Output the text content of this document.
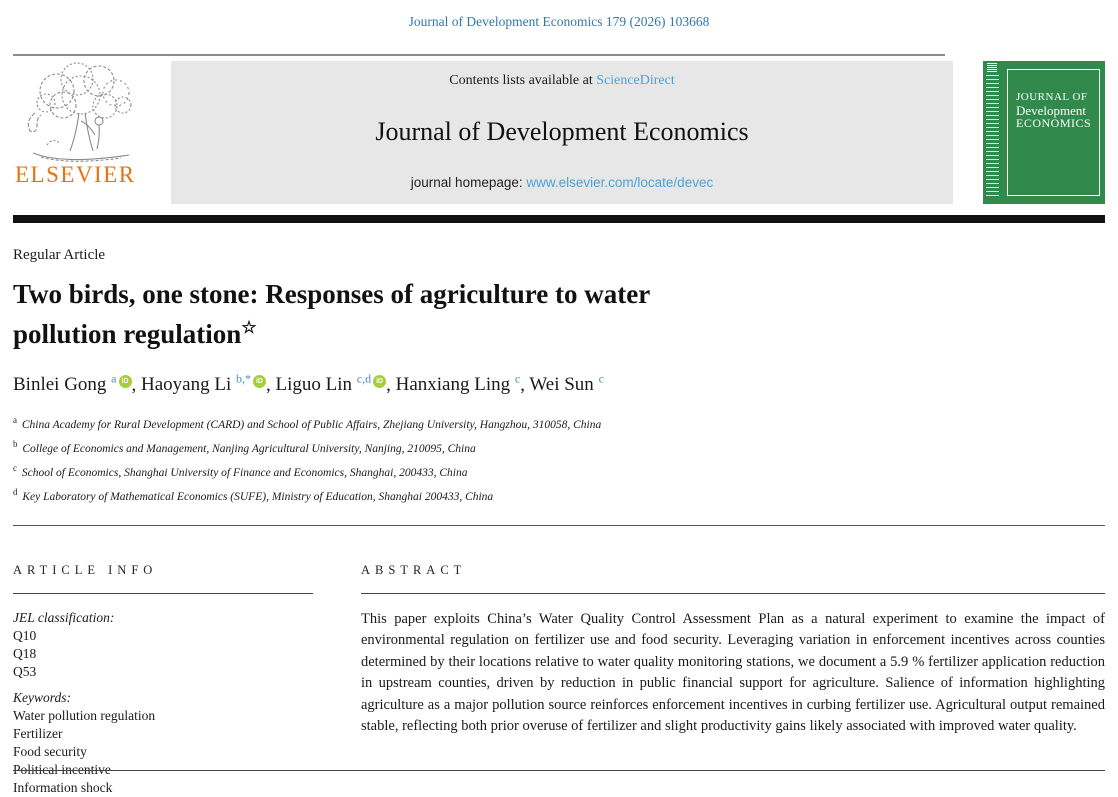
Journal of Development Economics 179 (2026) 103668
ELSEVIER
Contents lists available at ScienceDirect
Journal of Development Economics
journal homepage: www.elsevier.com/locate/devec
JOURNAL OF
Development
ECONOMICS
Regular Article
Two birds, one stone: Responses of agriculture to water pollution regulation☆
Binlei Gong $^a$ iD , Haoyang Li $^{b,*}$ iD , Liguo Lin $^{c,d}$ iD , Hanxiang Ling $^c$, Wei Sun $^c$
$^a$ China Academy for Rural Development (CARD) and School of Public Affairs, Zhejiang University, Hangzhou, 310058, China
$^b$ College of Economics and Management, Nanjing Agricultural University, Nanjing, 210095, China
$^c$ School of Economics, Shanghai University of Finance and Economics, Shanghai, 200433, China
$^d$ Key Laboratory of Mathematical Economics (SUFE), Ministry of Education, Shanghai 200433, China
ARTICLE INFO
JEL classification:
Q10
Q18
Q53
Keywords:
Water pollution regulation
Fertilizer
Food security
Political incentive
Information shock
ABSTRACT
This paper exploits China’s Water Quality Control Assessment Plan as a natural experiment to examine the impact of environmental regulation on fertilizer use and food security. Leveraging variation in enforcement incentives across counties determined by their locations relative to water quality monitoring stations, we document a 5.9 % fertilizer application reduction in upstream counties, driven by reduction in public financial support for agriculture. Salience of information highlighting agriculture as a major pollution source reinforces enforcement incentives in curbing fertilizer use. Agricultural output remained stable, reflecting both prior overuse of fertilizer and slight productivity gains likely associated with improved water quality.
